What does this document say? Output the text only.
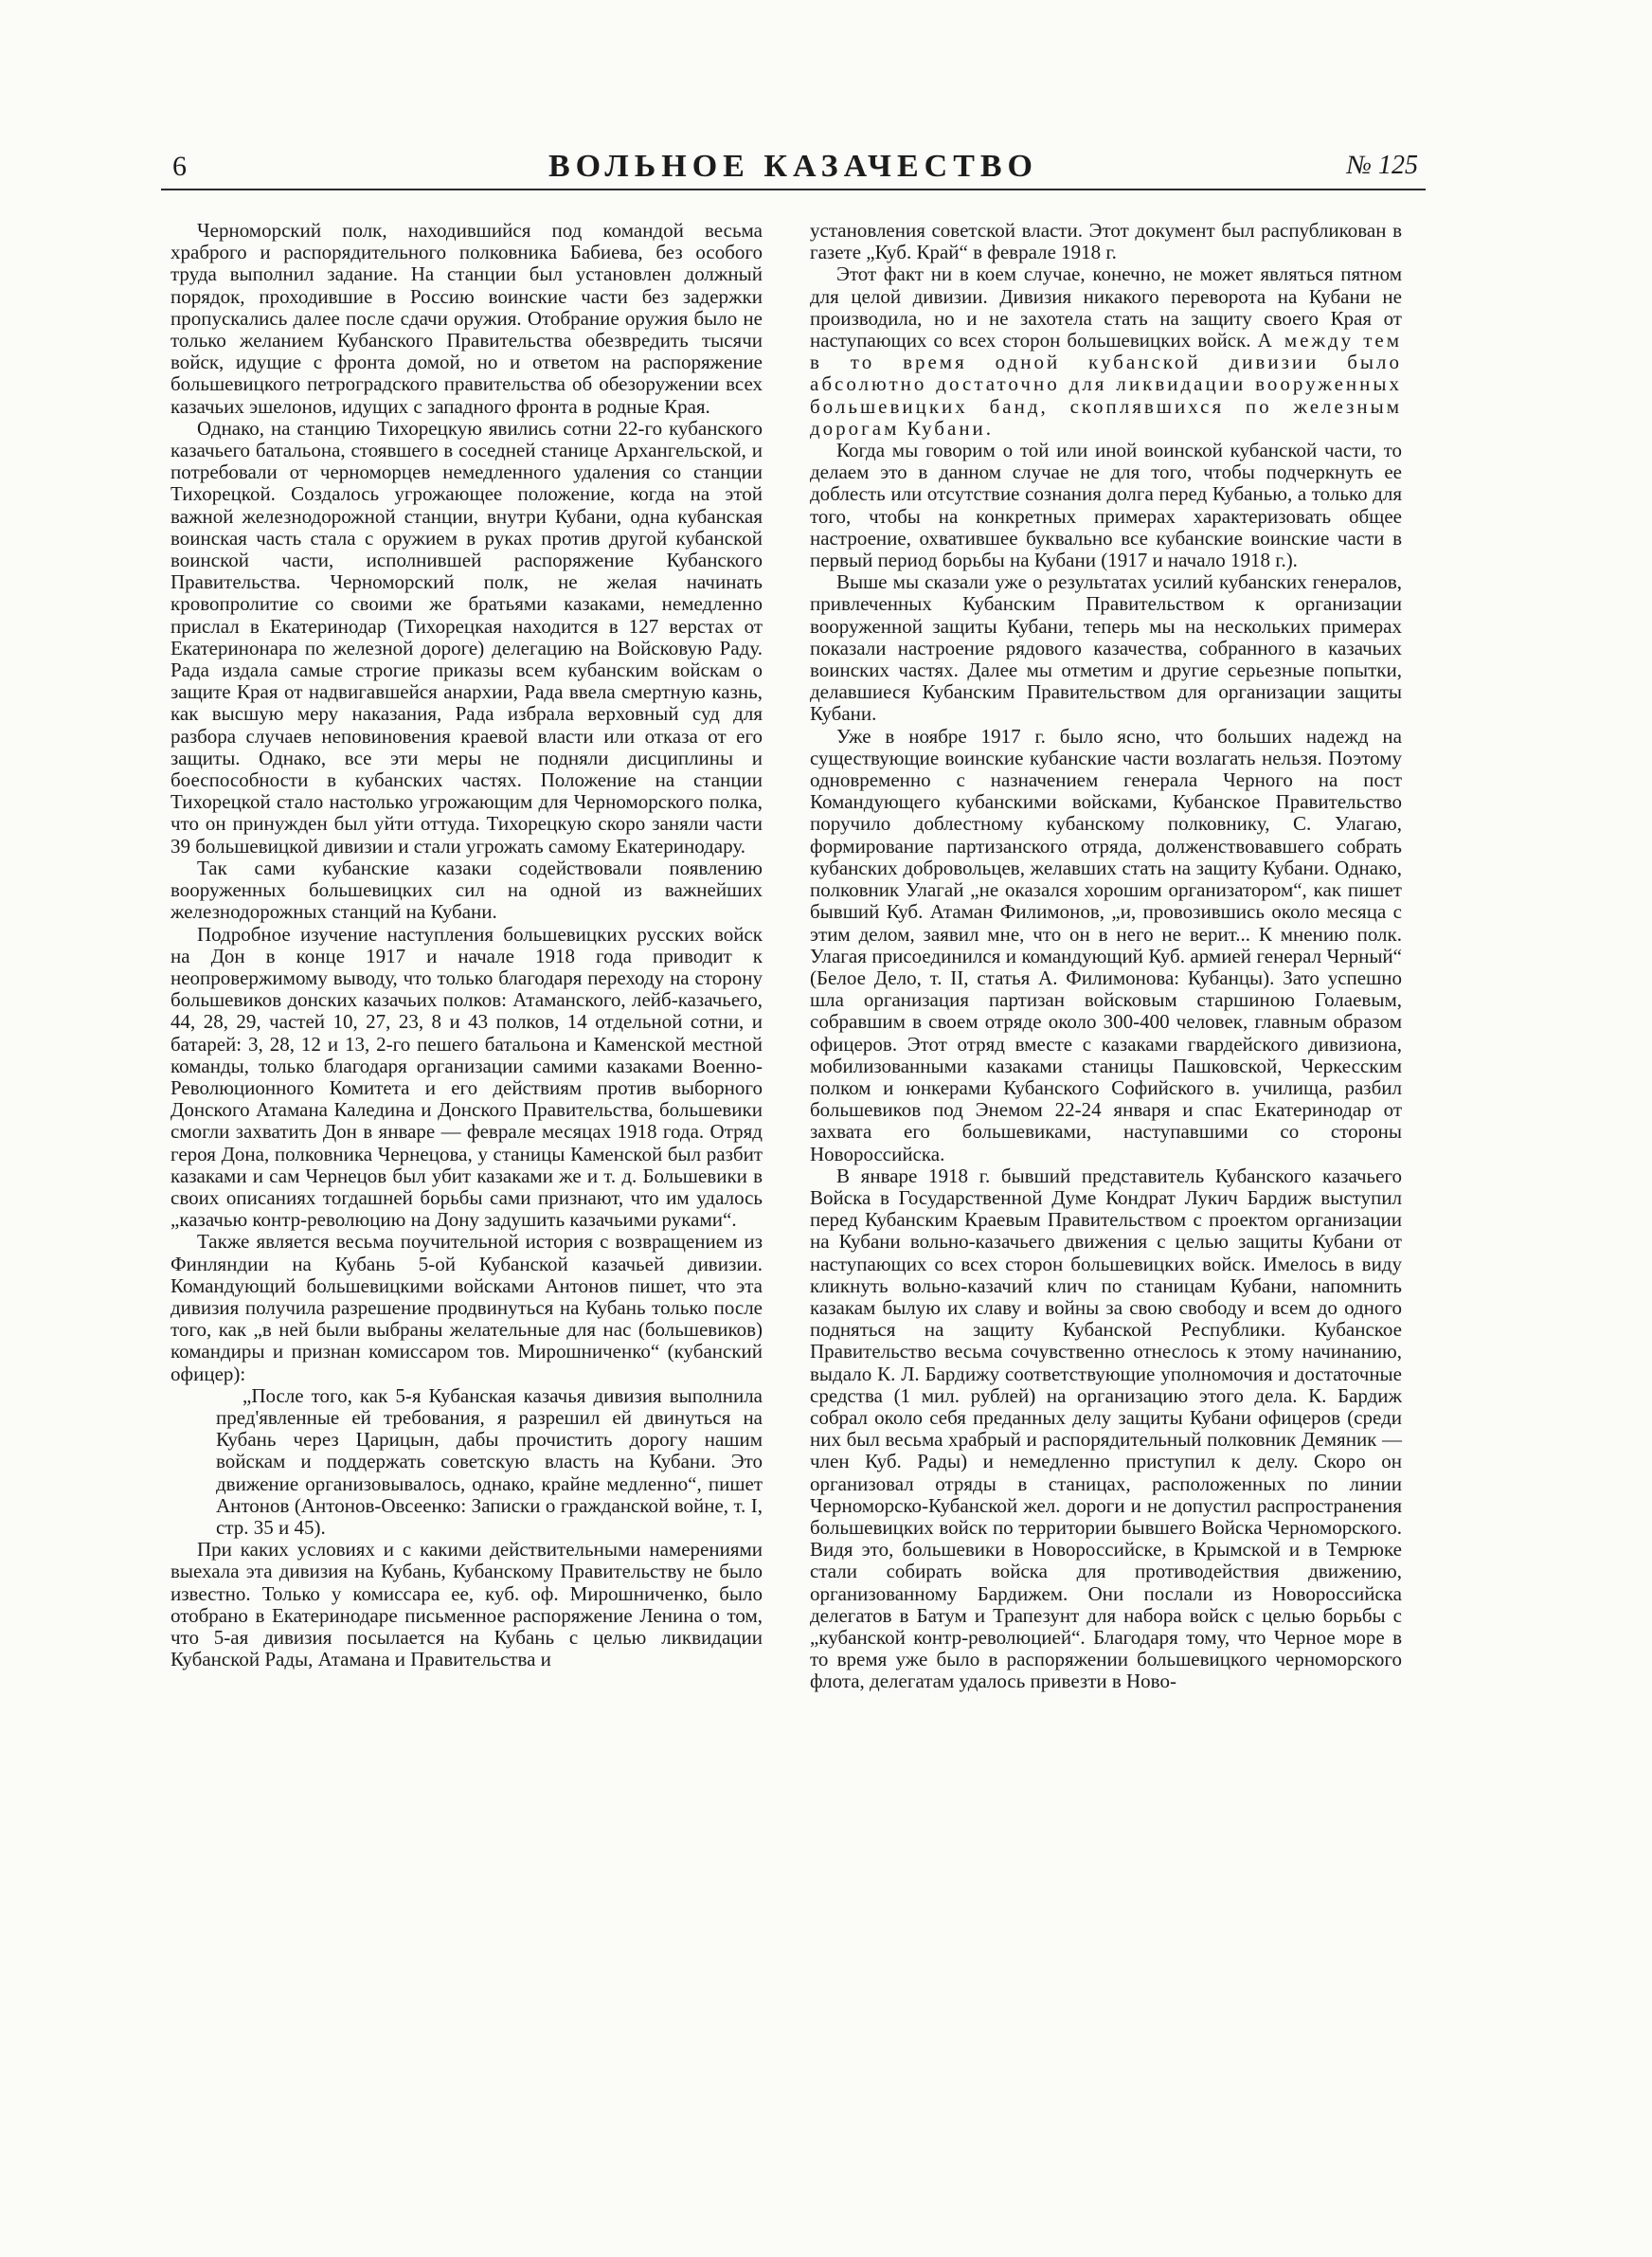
6	ВОЛЬНОЕ КАЗАЧЕСТВО	№ 125

Черноморский полк, находившийся под командой весьма храброго и распорядительного полковника Бабиева, без особого труда выполнил задание. На станции был установлен должный порядок, проходившие в Россию воинские части без задержки пропускались далее после сдачи оружия. Отобрание оружия было не только желанием Кубанского Правительства обезвредить тысячи войск, идущие с фронта домой, но и ответом на распоряжение большевицкого петроградского правительства об обезоружении всех казачьих эшелонов, идущих с западного фронта в родные Края.

Однако, на станцию Тихорецкую явились сотни 22-го кубанского казачьего батальона, стоявшего в соседней станице Архангельской, и потребовали от черноморцев немедленного удаления со станции Тихорецкой. Создалось угрожающее положение, когда на этой важной железнодорожной станции, внутри Кубани, одна кубанская воинская часть стала с оружием в руках против другой кубанской воинской части, исполнившей распоряжение Кубанского Правительства. Черноморский полк, не желая начинать кровопролитие со своими же братьями казаками, немедленно прислал в Екатеринодар (Тихорецкая находится в 127 верстах от Екатеринонара по железной дороге) делегацию на Войсковую Раду. Рада издала самые строгие приказы всем кубанским войскам о защите Края от надвигавшейся анархии, Рада ввела смертную казнь, как высшую меру наказания, Рада избрала верховный суд для разбора случаев неповиновения краевой власти или отказа от его защиты. Однако, все эти меры не подняли дисциплины и боеспособности в кубанских частях. Положение на станции Тихорецкой стало настолько угрожающим для Черноморского полка, что он принужден был уйти оттуда. Тихорецкую скоро заняли части 39 большевицкой дивизии и стали угрожать самому Екатеринодару.

Так сами кубанские казаки содействовали появлению вооруженных большевицких сил на одной из важнейших железнодорожных станций на Кубани.

Подробное изучение наступления большевицких русских войск на Дон в конце 1917 и начале 1918 года приводит к неопровержимому выводу, что только благодаря переходу на сторону большевиков донских казачьих полков: Атаманского, лейб-казачьего, 44, 28, 29, частей 10, 27, 23, 8 и 43 полков, 14 отдельной сотни, и батарей: 3, 28, 12 и 13, 2-го пешего батальона и Каменской местной команды, только благодаря организации самими казаками Военно-Революционного Комитета и его действиям против выборного Донского Атамана Каледина и Донского Правительства, большевики смогли захватить Дон в январе — феврале месяцах 1918 года. Отряд героя Дона, полковника Чернецова, у станицы Каменской был разбит казаками и сам Чернецов был убит казаками же и т. д. Большевики в своих описаниях тогдашней борьбы сами признают, что им удалось „казачью контр-революцию на Дону задушить казачьими руками“.

Также является весьма поучительной история с возвращением из Финляндии на Кубань 5-ой Кубанской казачьей дивизии. Командующий большевицкими войсками Антонов пишет, что эта дивизия получила разрешение продвинуться на Кубань только после того, как „в ней были выбраны желательные для нас (большевиков) командиры и признан комиссаром тов. Мирошниченко“ (кубанский офицер):

„После того, как 5-я Кубанская казачья дивизия выполнила пред'явленные ей требования, я разрешил ей двинуться на Кубань через Царицын, дабы прочистить дорогу нашим войскам и поддержать советскую власть на Кубани. Это движение организовывалось, однако, крайне медленно“, пишет Антонов (Антонов-Овсеенко: Записки о гражданской войне, т. I, стр. 35 и 45).

При каких условиях и с какими действительными намерениями выехала эта дивизия на Кубань, Кубанскому Правительству не было известно. Только у комиссара ее, куб. оф. Мирошниченко, было отобрано в Екатеринодаре письменное распоряжение Ленина о том, что 5-ая дивизия посылается на Кубань с целью ликвидации Кубанской Рады, Атамана и Правительства и

установления советской власти. Этот документ был распубликован в газете „Куб. Край“ в феврале 1918 г.

Этот факт ни в коем случае, конечно, не может являться пятном для целой дивизии. Дивизия никакого переворота на Кубани не производила, но и не захотела стать на защиту своего Края от наступающих со всех сторон большевицких войск. А между тем в то время одной кубанской дивизии было абсолютно достаточно для ликвидации вооруженных большевицких банд, скоплявшихся по железным дорогам Кубани.

Когда мы говорим о той или иной воинской кубанской части, то делаем это в данном случае не для того, чтобы подчеркнуть ее доблесть или отсутствие сознания долга перед Кубанью, а только для того, чтобы на конкретных примерах характеризовать общее настроение, охватившее буквально все кубанские воинские части в первый период борьбы на Кубани (1917 и начало 1918 г.).

Выше мы сказали уже о результатах усилий кубанских генералов, привлеченных Кубанским Правительством к организации вооруженной защиты Кубани, теперь мы на нескольких примерах показали настроение рядового казачества, собранного в казачьих воинских частях. Далее мы отметим и другие серьезные попытки, делавшиеся Кубанским Правительством для организации защиты Кубани.

Уже в ноябре 1917 г. было ясно, что больших надежд на существующие воинские кубанские части возлагать нельзя. Поэтому одновременно с назначением генерала Черного на пост Командующего кубанскими войсками, Кубанское Правительство поручило доблестному кубанскому полковнику, С. Улагаю, формирование партизанского отряда, долженствовавшего собрать кубанских добровольцев, желавших стать на защиту Кубани. Однако, полковник Улагай „не оказался хорошим организатором“, как пишет бывший Куб. Атаман Филимонов, „и, провозившись около месяца с этим делом, заявил мне, что он в него не верит... К мнению полк. Улагая присоединился и командующий Куб. армией генерал Черный“ (Белое Дело, т. II, статья А. Филимонова: Кубанцы). Зато успешно шла организация партизан войсковым старшиною Голаевым, собравшим в своем отряде около 300-400 человек, главным образом офицеров. Этот отряд вместе с казаками гвардейского дивизиона, мобилизованными казаками станицы Пашковской, Черкесским полком и юнкерами Кубанского Софийского в. училища, разбил большевиков под Энемом 22-24 января и спас Екатеринодар от захвата его большевиками, наступавшими со стороны Новороссийска.

В январе 1918 г. бывший представитель Кубанского казачьего Войска в Государственной Думе Кондрат Лукич Бардиж выступил перед Кубанским Краевым Правительством с проектом организации на Кубани вольно-казачьего движения с целью защиты Кубани от наступающих со всех сторон большевицких войск. Имелось в виду кликнуть вольно-казачий клич по станицам Кубани, напомнить казакам былую их славу и войны за свою свободу и всем до одного подняться на защиту Кубанской Республики. Кубанское Правительство весьма сочувственно отнеслось к этому начинанию, выдало К. Л. Бардижу соответствующие уполномочия и достаточные средства (1 мил. рублей) на организацию этого дела. К. Бардиж собрал около себя преданных делу защиты Кубани офицеров (среди них был весьма храбрый и распорядительный полковник Демяник — член Куб. Рады) и немедленно приступил к делу. Скоро он организовал отряды в станицах, расположенных по линии Черноморско-Кубанской жел. дороги и не допустил распространения большевицких войск по территории бывшего Войска Черноморского. Видя это, большевики в Новороссийске, в Крымской и в Темрюке стали собирать войска для противодействия движению, организованному Бардижем. Они послали из Новороссийска делегатов в Батум и Трапезунт для набора войск с целью борьбы с „кубанской контр-революцией“. Благодаря тому, что Черное море в то время уже было в распоряжении большевицкого черноморского флота, делегатам удалось привезти в Ново-
